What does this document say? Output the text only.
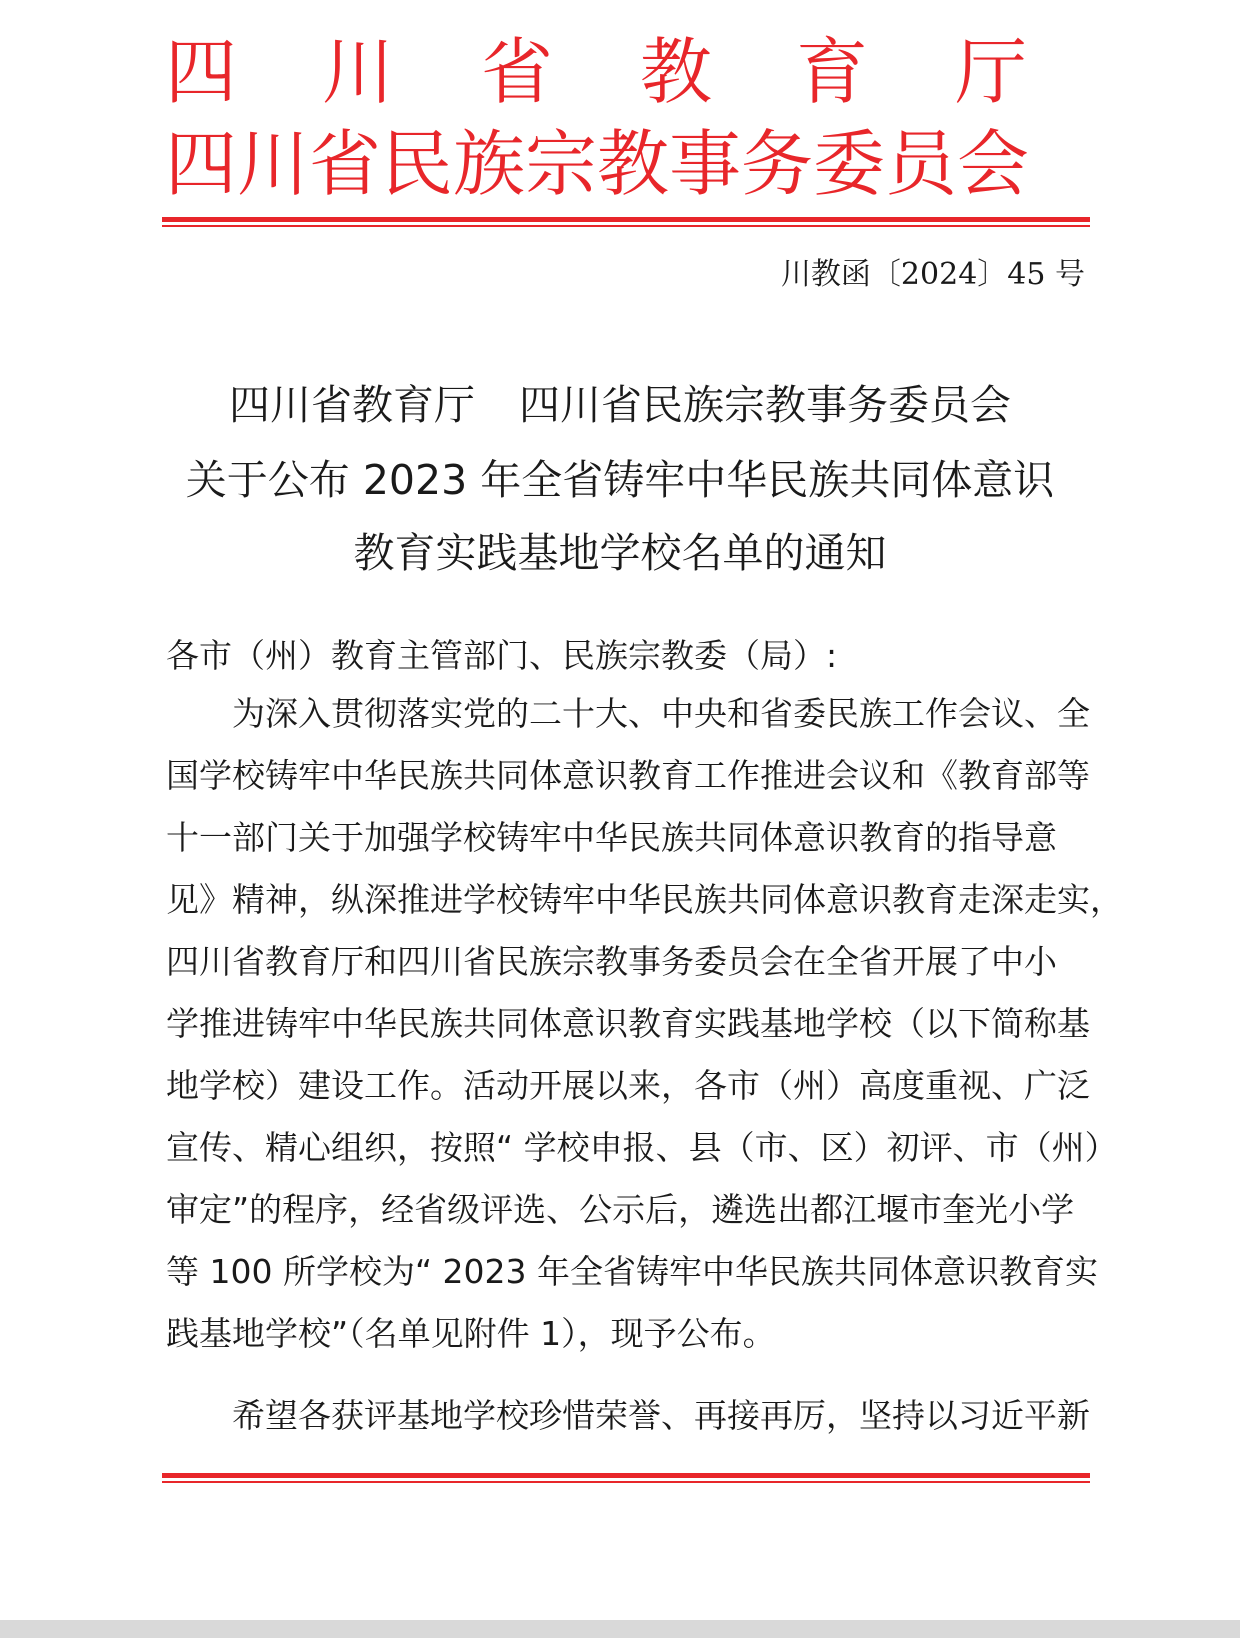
四 川 省 教 育 厅
四 川 省 民 族 宗 教 事 务 委 员 会
川教函〔2024〕45 号
四川省教育厅 四川省民族宗教事务委员会
关于公布 2023 年全省铸牢中华民族共同体意识
教育实践基地学校名单的通知
各市（州）教育主管部门、民族宗教委（局）:
为深入贯彻落实党的二十大、中央和省委民族工作会议、全
国学校铸牢中华民族共同体意识教育工作推进会议和《教育部等
十一部门关于加强学校铸牢中华民族共同体意识教育的指导意
见》精神，纵深推进学校铸牢中华民族共同体意识教育走深走实，
四川省教育厅和四川省民族宗教事务委员会在全省开展了中小
学推进铸牢中华民族共同体意识教育实践基地学校（以下简称基
地学校）建设工作。活动开展以来，各市（州）高度重视、广泛
宣传、精心组织，按照“ 学校申报、县（市、区）初评、市（州）
审定”的程序，经省级评选、公示后，遴选出都江堰市奎光小学
等 100 所学校为“ 2023 年全省铸牢中华民族共同体意识教育实
践基地学校”（名单见附件 1），现予公布。
希望各获评基地学校珍惜荣誉、再接再厉，坚持以习近平新
